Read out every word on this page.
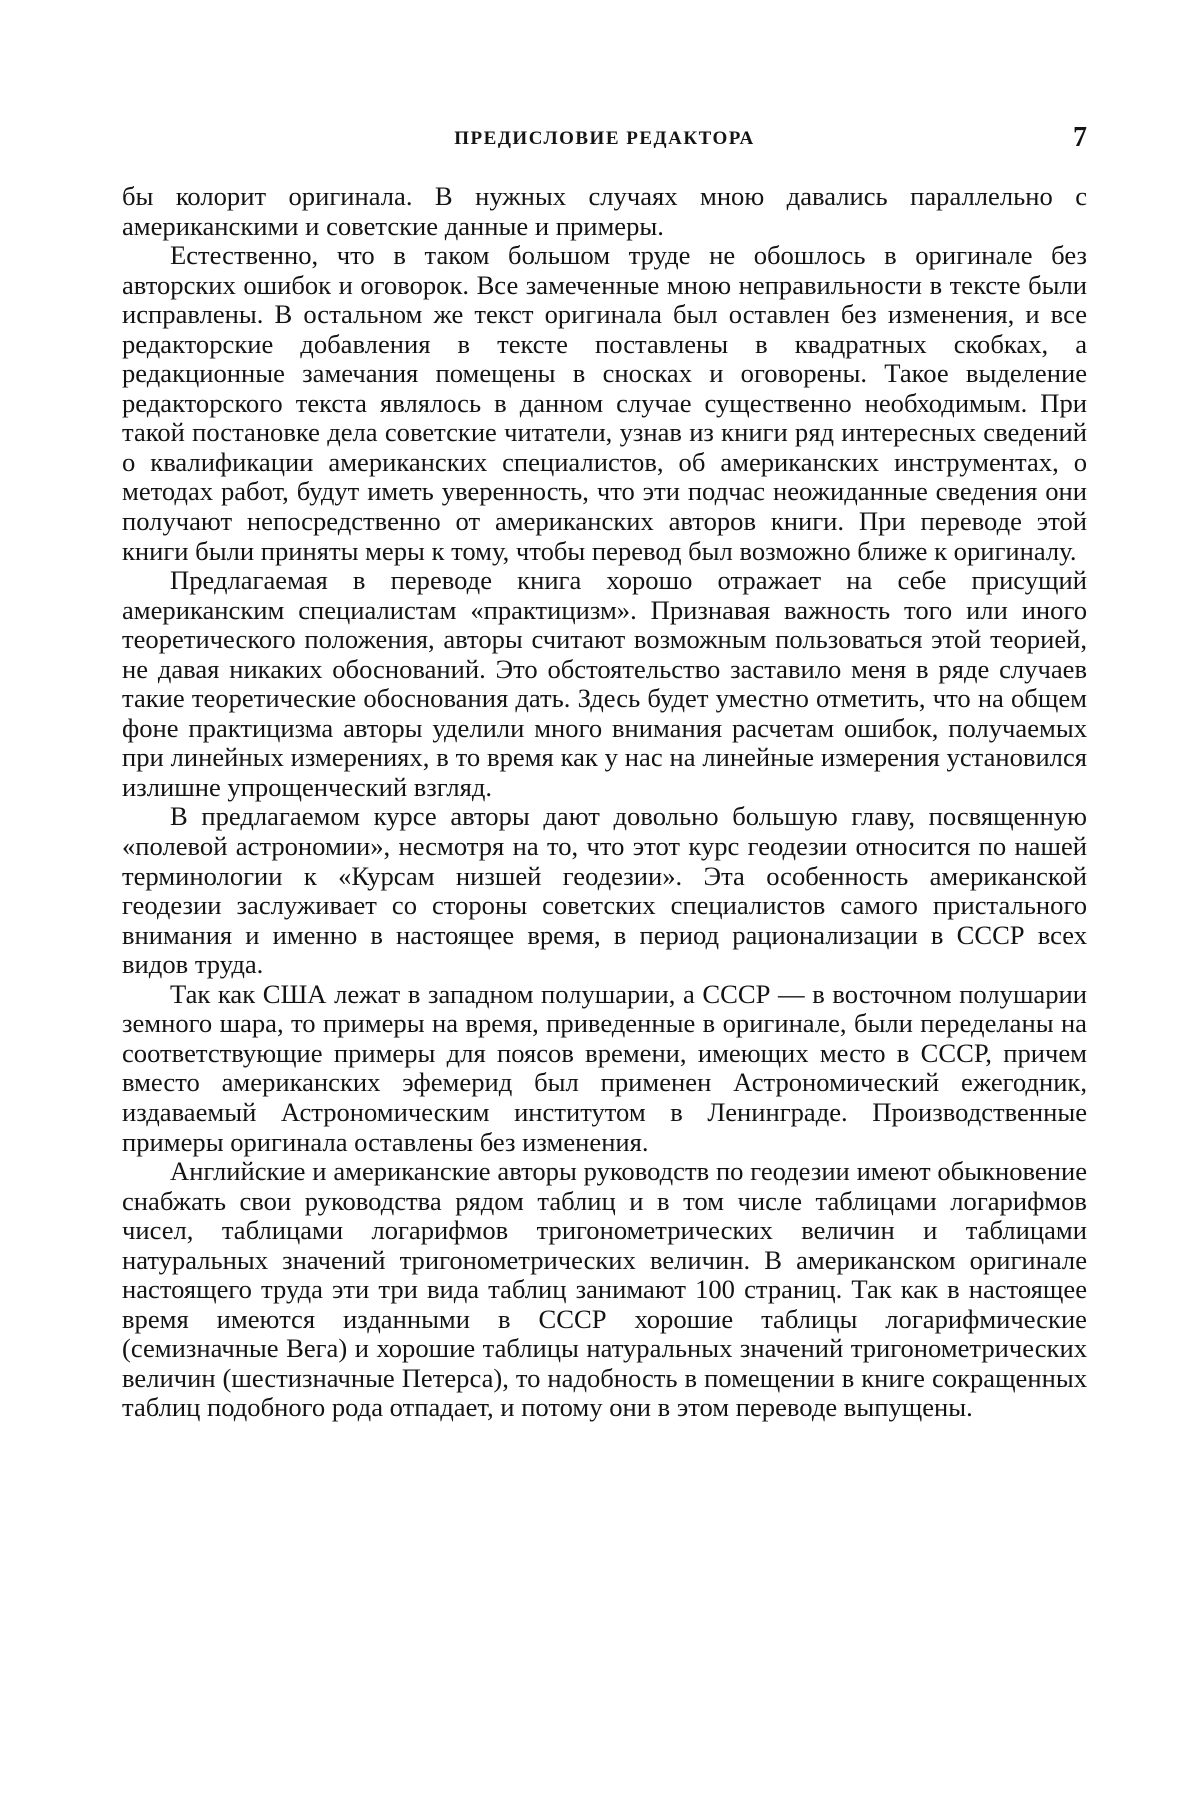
ПРЕДИСЛОВИЕ РЕДАКТОРА	7

бы колорит оригинала. В нужных случаях мною давались параллельно с американскими и советские данные и примеры.

Естественно, что в таком большом труде не обошлось в оригинале без авторских ошибок и оговорок. Все замеченные мною неправильности в тексте были исправлены. В остальном же текст оригинала был оставлен без изменения, и все редакторские добавления в тексте поставлены в квадратных скобках, а редакционные замечания помещены в сносках и оговорены. Такое выделение редакторского текста являлось в данном случае существенно необходимым. При такой постановке дела советские читатели, узнав из книги ряд интересных сведений о квалификации американских специалистов, об американских инструментах, о методах работ, будут иметь уверенность, что эти подчас неожиданные сведения они получают непосредственно от американских авторов книги. При переводе этой книги были приняты меры к тому, чтобы перевод был возможно ближе к оригиналу.

Предлагаемая в переводе книга хорошо отражает на себе присущий американским специалистам «практицизм». Признавая важность того или иного теоретического положения, авторы считают возможным пользоваться этой теорией, не давая никаких обоснований. Это обстоятельство заставило меня в ряде случаев такие теоретические обоснования дать. Здесь будет уместно отметить, что на общем фоне практицизма авторы уделили много внимания расчетам ошибок, получаемых при линейных измерениях, в то время как у нас на линейные измерения установился излишне упрощенческий взгляд.

В предлагаемом курсе авторы дают довольно большую главу, посвященную «полевой астрономии», несмотря на то, что этот курс геодезии относится по нашей терминологии к «Курсам низшей геодезии». Эта особенность американской геодезии заслуживает со стороны советских специалистов самого пристального внимания и именно в настоящее время, в период рационализации в СССР всех видов труда.

Так как США лежат в западном полушарии, а СССР — в восточном полушарии земного шара, то примеры на время, приведенные в оригинале, были переделаны на соответствующие примеры для поясов времени, имеющих место в СССР, причем вместо американских эфемерид был применен Астрономический ежегодник, издаваемый Астрономическим институтом в Ленинграде. Производственные примеры оригинала оставлены без изменения.

Английские и американские авторы руководств по геодезии имеют обыкновение снабжать свои руководства рядом таблиц и в том числе таблицами логарифмов чисел, таблицами логарифмов тригонометрических величин и таблицами натуральных значений тригонометрических величин. В американском оригинале настоящего труда эти три вида таблиц занимают 100 страниц. Так как в настоящее время имеются изданными в СССР хорошие таблицы логарифмические (семизначные Вега) и хорошие таблицы натуральных значений тригонометрических величин (шестизначные Петерса), то надобность в помещении в книге сокращенных таблиц подобного рода отпадает, и потому они в этом переводе выпущены.
